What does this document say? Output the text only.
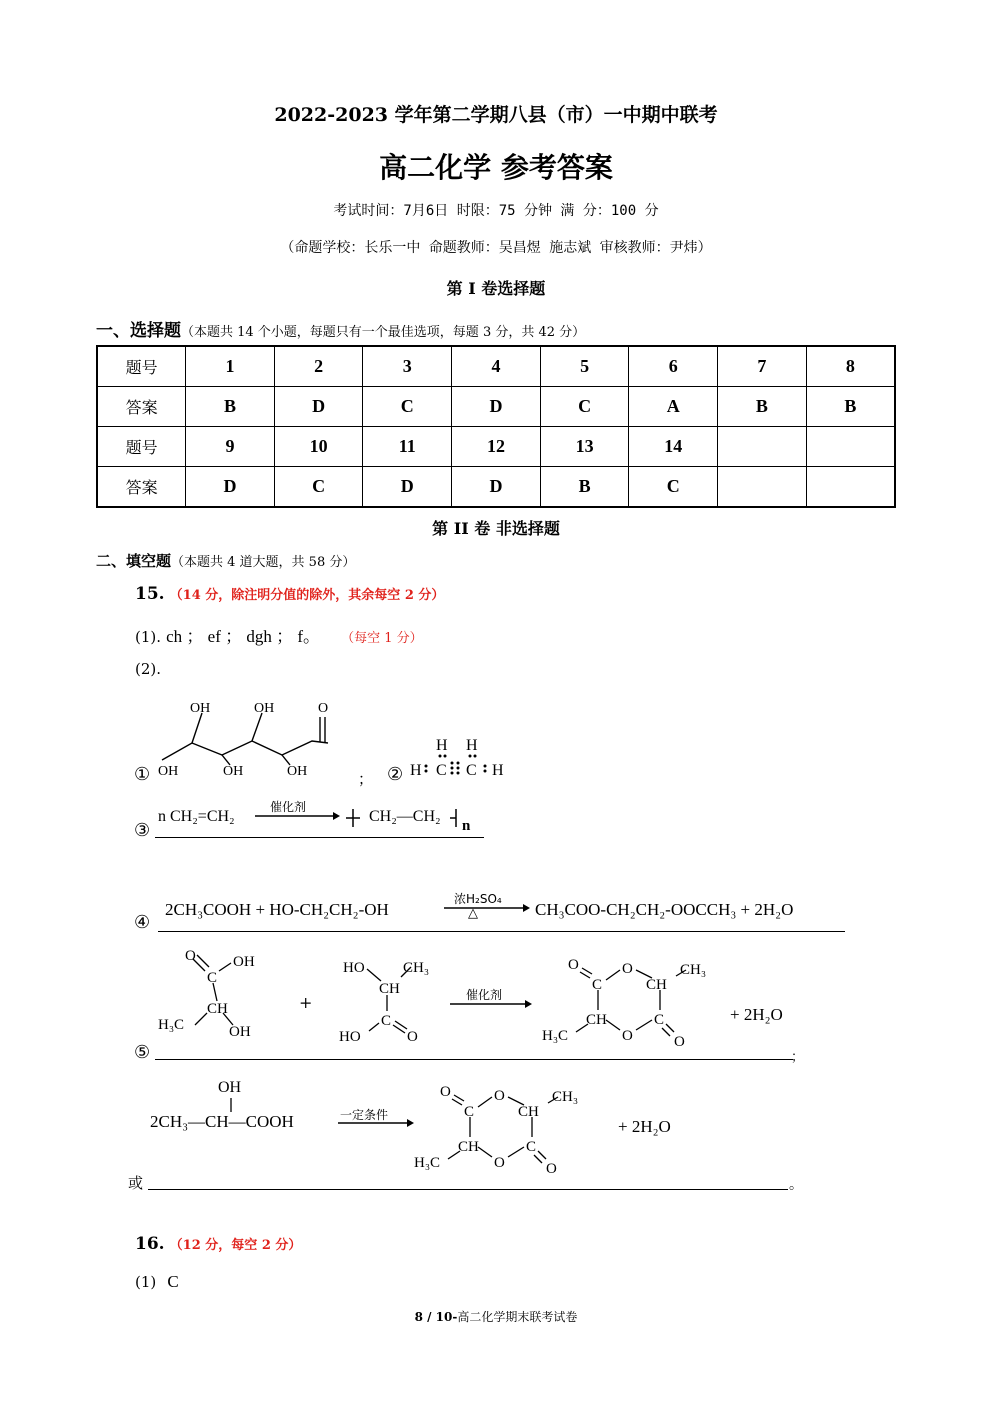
2022-2023 学年第二学期八县（市）一中期中联考
高二化学 参考答案
考试时间：7月6日 时限：75 分钟 满 分：100 分
（命题学校：长乐一中 命题教师：吴昌煜 施志斌 审核教师：尹炜）
第 I 卷选择题
一、选择题（本题共 14 个小题，每题只有一个最佳选项，每题 3 分，共 42 分）
题号	1	2	3	4	5	6	7	8
答案	B	D	C	D	C	A	B	B
题号	9	10	11	12	13	14		
答案	D	C	D	D	B	C		
第 II 卷 非选择题
二、填空题（本题共 4 道大题，共 58 分）
15. （14 分，除注明分值的除外，其余每空 2 分）
(1). ch ； ef ； dgh ； f。 （每空 1 分）
(2).
①
OH	OH
OH	OH	OH
O
； ②
H H
H C C H
③
n CH₂=CH₂
催化剂
CH₂—CH₂
n
④
2CH₃COOH + HO-CH₂CH₂-OH
浓H₂SO₄
△	CH₃COO-CH₂CH₂-OOCCH₃ + 2H₂O
⑤
O OH
C
CH
H₃C	OH
+
HO	CH₃
CH
C
HO	O
催化剂
O
C
O
CH
CH₃
CH
H₃C	O
C
O
+ 2H₂O
；
OH
2CH₃—CH—COOH	一定条件
O
C
O
CH
CH₃
CH
H₃C	O
C
O
+ 2H₂O
或	。
16. （12 分，每空 2 分）
(1) C
8 / 10-高二化学期末联考试卷
